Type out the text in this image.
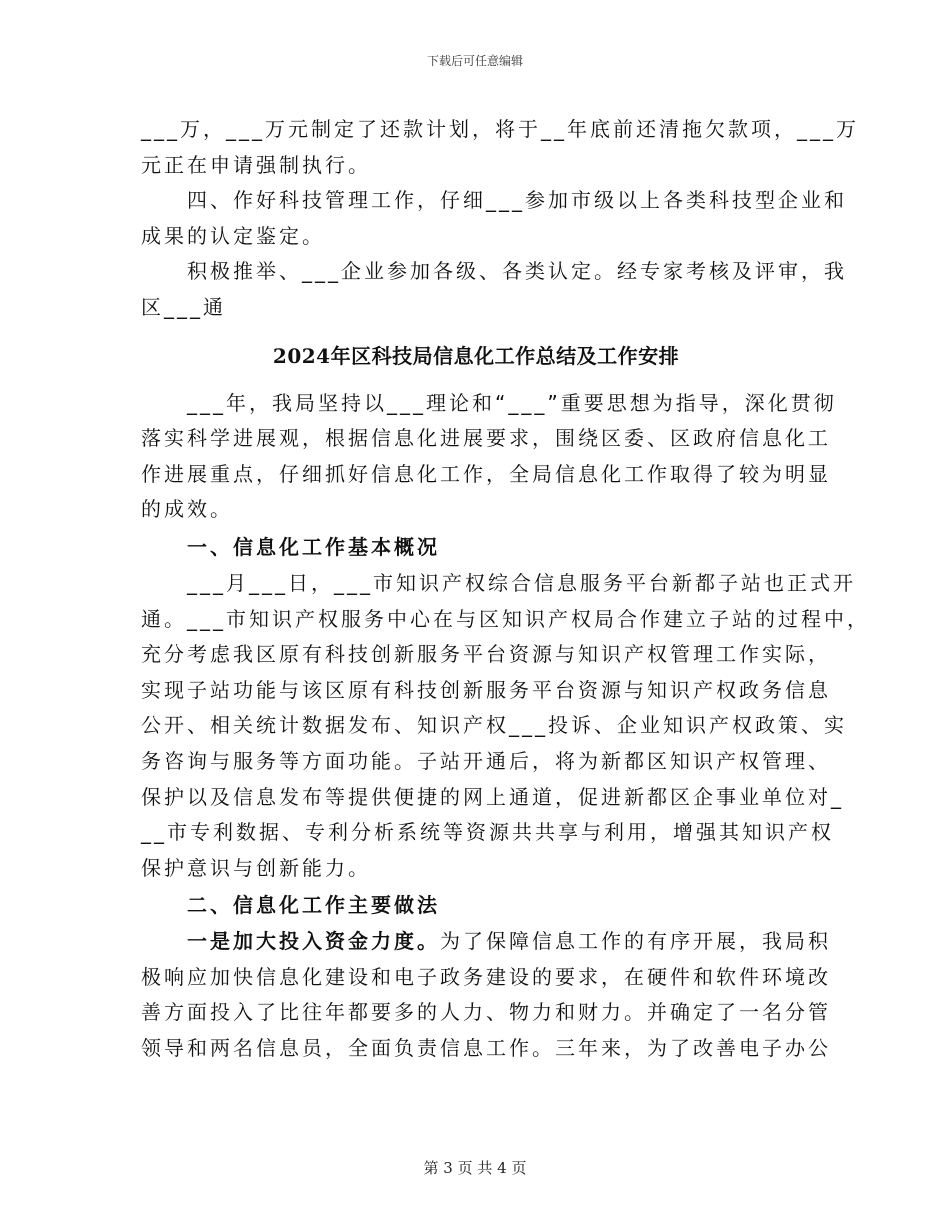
下载后可任意编辑
___万，___万元制定了还款计划，将于__年底前还清拖欠款项，___万
元正在申请强制执行。
四、作好科技管理工作，仔细___参加市级以上各类科技型企业和
成果的认定鉴定。
积极推举、___企业参加各级、各类认定。经专家考核及评审，我
区___通
2024年区科技局信息化工作总结及工作安排
___年，我局坚持以___理论和“___”重要思想为指导，深化贯彻
落实科学进展观，根据信息化进展要求，围绕区委、区政府信息化工
作进展重点，仔细抓好信息化工作，全局信息化工作取得了较为明显
的成效。
一、信息化工作基本概况
___月___日，___市知识产权综合信息服务平台新都子站也正式开
通。___市知识产权服务中心在与区知识产权局合作建立子站的过程中，
充分考虑我区原有科技创新服务平台资源与知识产权管理工作实际，
实现子站功能与该区原有科技创新服务平台资源与知识产权政务信息
公开、相关统计数据发布、知识产权___投诉、企业知识产权政策、实
务咨询与服务等方面功能。子站开通后，将为新都区知识产权管理、
保护以及信息发布等提供便捷的网上通道，促进新都区企事业单位对_
__市专利数据、专利分析系统等资源共共享与利用，增强其知识产权
保护意识与创新能力。
二、信息化工作主要做法
一是加大投入资金力度。为了保障信息工作的有序开展，我局积
极响应加快信息化建设和电子政务建设的要求，在硬件和软件环境改
善方面投入了比往年都要多的人力、物力和财力。并确定了一名分管
领导和两名信息员，全面负责信息工作。三年来，为了改善电子办公
第 3 页 共 4 页
